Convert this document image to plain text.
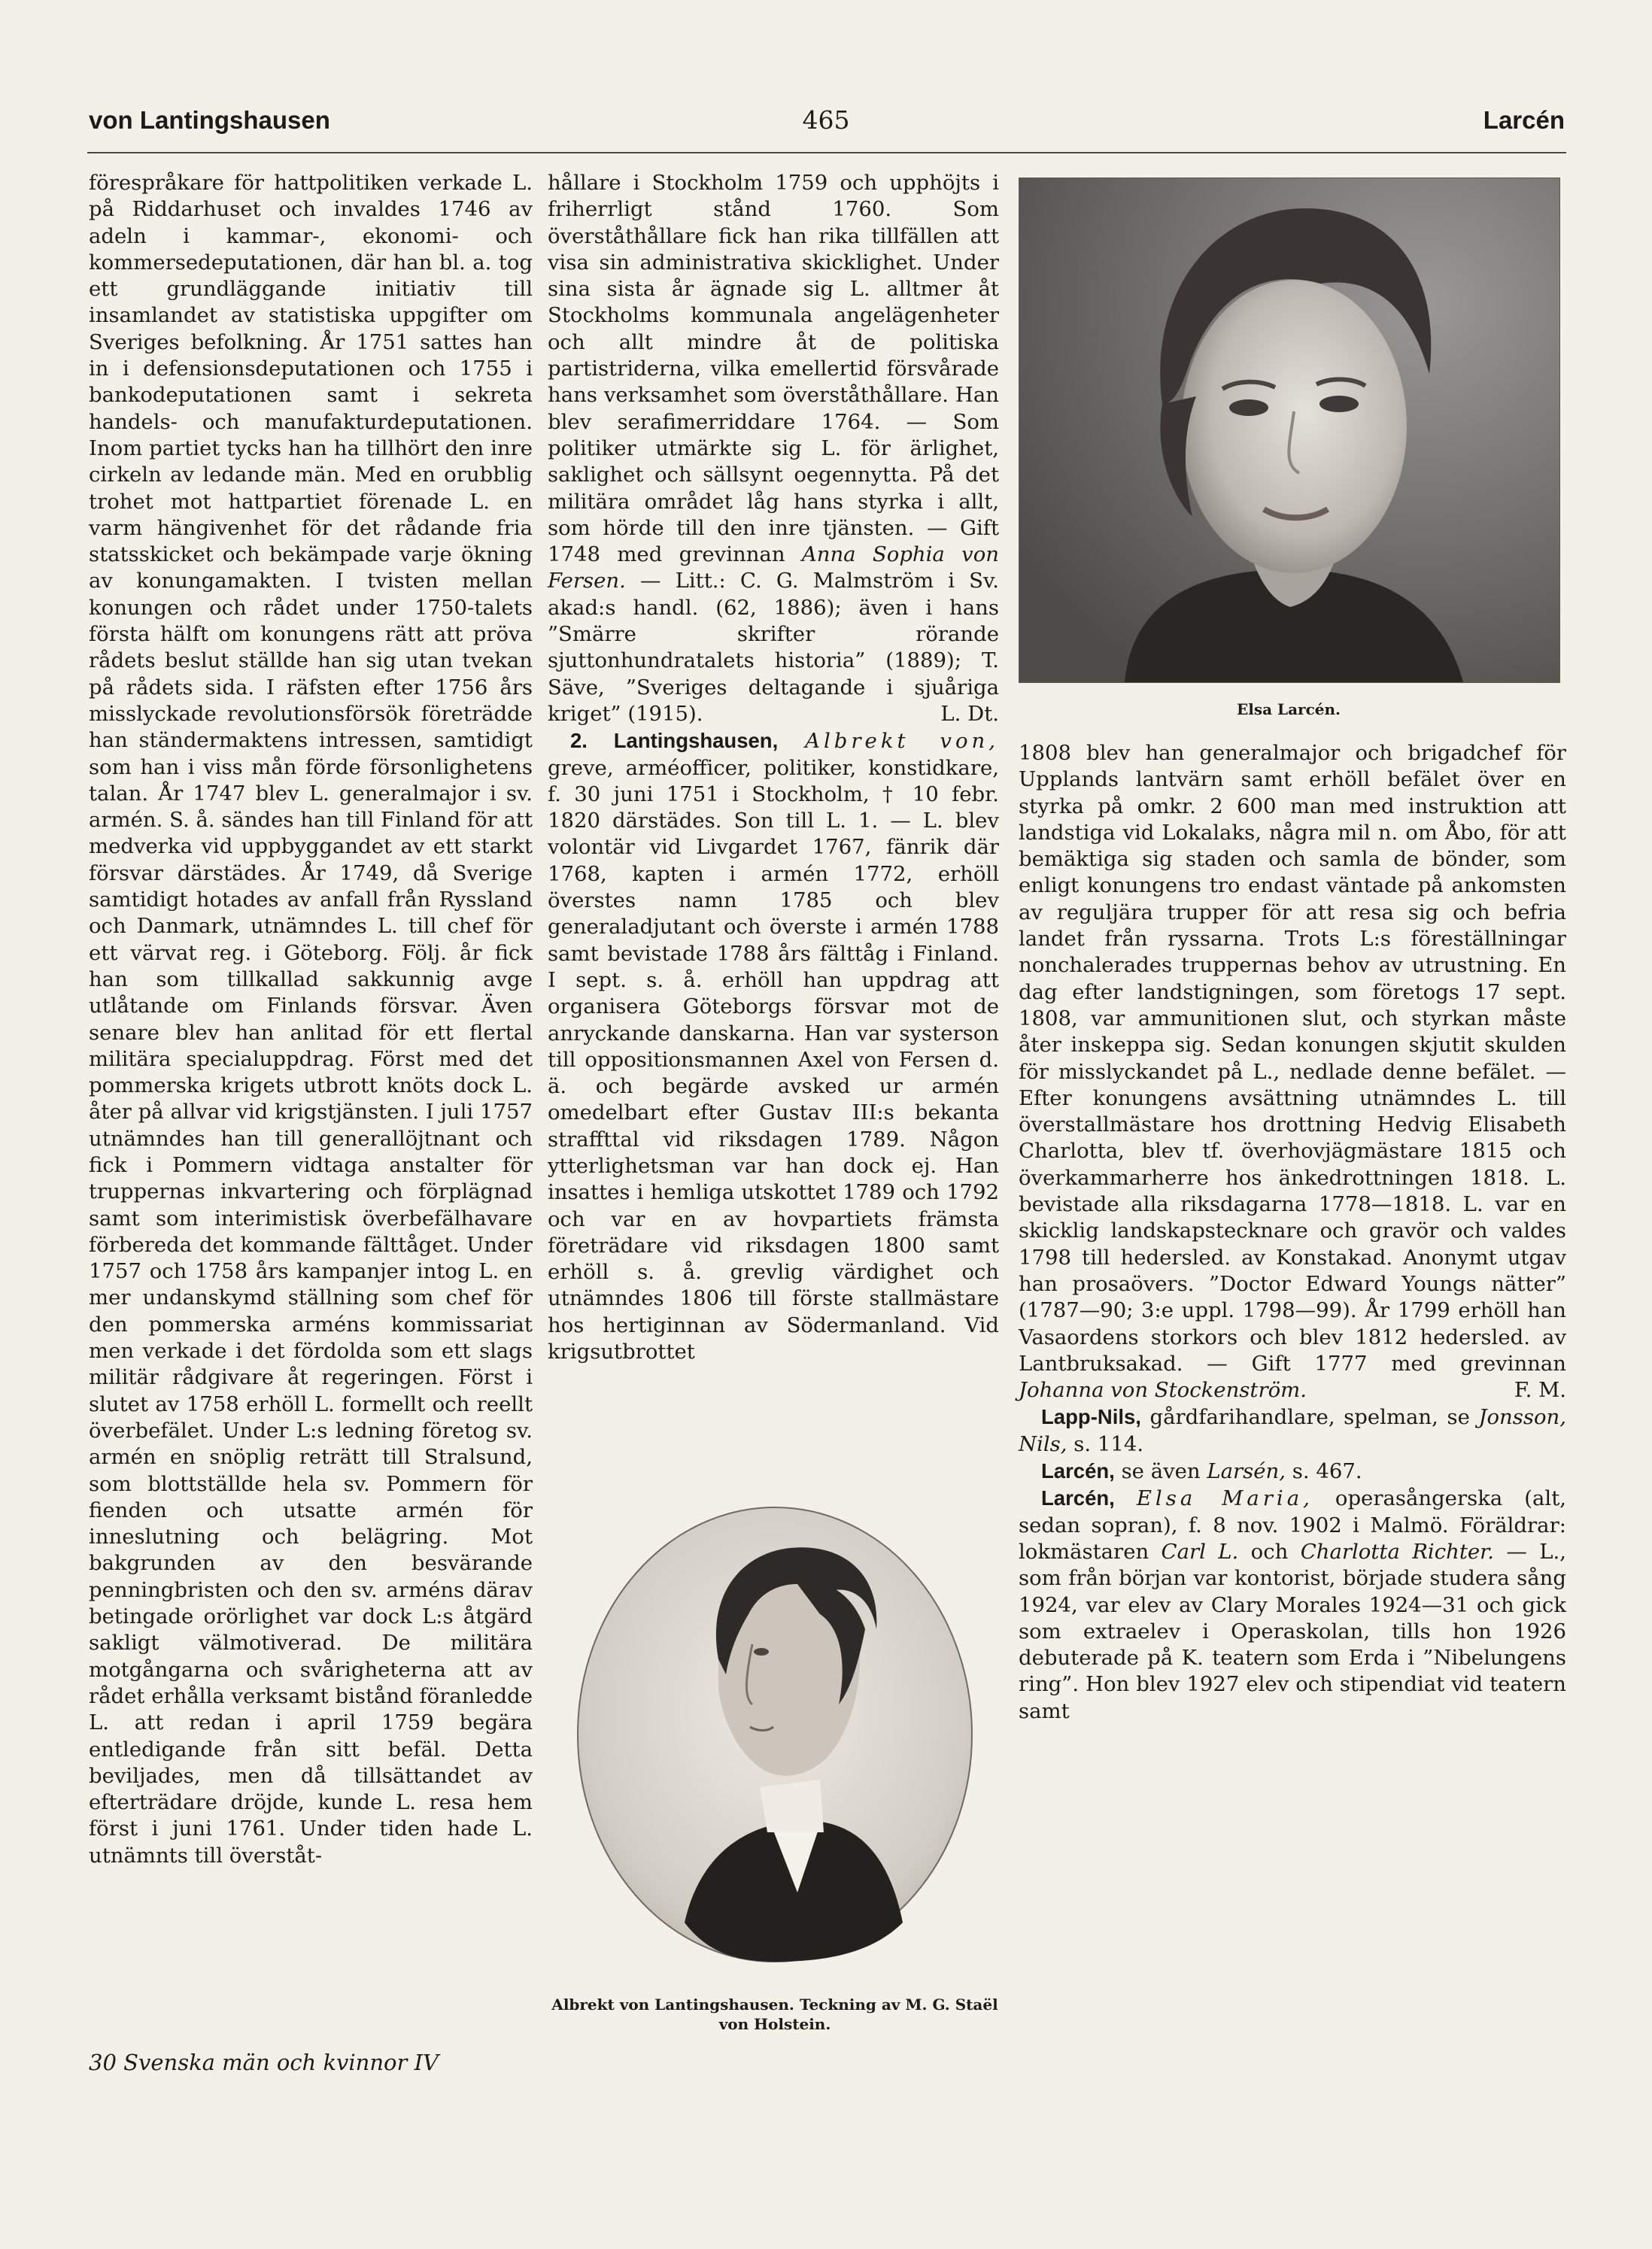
von Lantingshausen	465	Larcén

förespråkare för hattpolitiken verkade L. på Riddarhuset och invaldes 1746 av adeln i kammar-, ekonomi- och kommersedeputationen, där han bl. a. tog ett grundläggande initiativ till insamlandet av statistiska uppgifter om Sveriges befolkning. År 1751 sattes han in i defensionsdeputationen och 1755 i bankodeputationen samt i sekreta handels- och manufakturdeputationen. Inom partiet tycks han ha tillhört den inre cirkeln av ledande män. Med en orubblig trohet mot hattpartiet förenade L. en varm hängivenhet för det rådande fria statsskicket och bekämpade varje ökning av konungamakten. I tvisten mellan konungen och rådet under 1750-talets första hälft om konungens rätt att pröva rådets beslut ställde han sig utan tvekan på rådets sida. I räfsten efter 1756 års misslyckade revolutionsförsök företrädde han ständermaktens intressen, samtidigt som han i viss mån förde försonlighetens talan. År 1747 blev L. generalmajor i sv. armén. S. å. sändes han till Finland för att medverka vid uppbyggandet av ett starkt försvar därstädes. År 1749, då Sverige samtidigt hotades av anfall från Ryssland och Danmark, utnämndes L. till chef för ett värvat reg. i Göteborg. Följ. år fick han som tillkallad sakkunnig avge utlåtande om Finlands försvar. Även senare blev han anlitad för ett flertal militära specialuppdrag. Först med det pommerska krigets utbrott knöts dock L. åter på allvar vid krigstjänsten. I juli 1757 utnämndes han till generallöjtnant och fick i Pommern vidtaga anstalter för truppernas inkvartering och förplägnad samt som interimistisk överbefälhavare förbereda det kommande fälttåget. Under 1757 och 1758 års kampanjer intog L. en mer undanskymd ställning som chef för den pommerska arméns kommissariat men verkade i det fördolda som ett slags militär rådgivare åt regeringen. Först i slutet av 1758 erhöll L. formellt och reellt överbefälet. Under L:s ledning företog sv. armén en snöplig reträtt till Stralsund, som blottställde hela sv. Pommern för fienden och utsatte armén för inneslutning och belägring. Mot bakgrunden av den besvärande penningbristen och den sv. arméns därav betingade orörlighet var dock L:s åtgärd sakligt välmotiverad. De militära motgångarna och svårigheterna att av rådet erhålla verksamt bistånd föranledde L. att redan i april 1759 begära entledigande från sitt befäl. Detta beviljades, men då tillsättandet av efterträdare dröjde, kunde L. resa hem först i juni 1761. Under tiden hade L. utnämnts till överståt-

hållare i Stockholm 1759 och upphöjts i friherrligt stånd 1760. Som överståthållare fick han rika tillfällen att visa sin administrativa skicklighet. Under sina sista år ägnade sig L. alltmer åt Stockholms kommunala angelägenheter och allt mindre åt de politiska partistriderna, vilka emellertid försvårade hans verksamhet som överståthållare. Han blev serafimerriddare 1764. — Som politiker utmärkte sig L. för ärlighet, saklighet och sällsynt oegennytta. På det militära området låg hans styrka i allt, som hörde till den inre tjänsten. — Gift 1748 med grevinnan Anna Sophia von Fersen. — Litt.: C. G. Malmström i Sv. akad:s handl. (62, 1886); även i hans ”Smärre skrifter rörande sjuttonhundratalets historia” (1889); T. Säve, ”Sveriges deltagande i sjuåriga kriget” (1915).	L. Dt.

2. Lantingshausen, Albrekt von, greve, arméofficer, politiker, konstidkare, f. 30 juni 1751 i Stockholm, † 10 febr. 1820 därstädes. Son till L. 1. — L. blev volontär vid Livgardet 1767, fänrik där 1768, kapten i armén 1772, erhöll överstes namn 1785 och blev generaladjutant och överste i armén 1788 samt bevistade 1788 års fälttåg i Finland. I sept. s. å. erhöll han uppdrag att organisera Göteborgs försvar mot de anryckande danskarna. Han var systerson till oppositionsmannen Axel von Fersen d. ä. och begärde avsked ur armén omedelbart efter Gustav III:s bekanta straffttal vid riksdagen 1789. Någon ytterlighetsman var han dock ej. Han insattes i hemliga utskottet 1789 och 1792 och var en av hovpartiets främsta företrädare vid riksdagen 1800 samt erhöll s. å. grevlig värdighet och utnämndes 1806 till förste stallmästare hos hertiginnan av Södermanland. Vid krigsutbrottet

Elsa Larcén.

1808 blev han generalmajor och brigadchef för Upplands lantvärn samt erhöll befälet över en styrka på omkr. 2 600 man med instruktion att landstiga vid Lokalaks, några mil n. om Åbo, för att bemäktiga sig staden och samla de bönder, som enligt konungens tro endast väntade på ankomsten av reguljära trupper för att resa sig och befria landet från ryssarna. Trots L:s föreställningar nonchalerades truppernas behov av utrustning. En dag efter landstigningen, som företogs 17 sept. 1808, var ammunitionen slut, och styrkan måste åter inskeppa sig. Sedan konungen skjutit skulden för misslyckandet på L., nedlade denne befälet. — Efter konungens avsättning utnämndes L. till överstallmästare hos drottning Hedvig Elisabeth Charlotta, blev tf. överhovjägmästare 1815 och överkammarherre hos änkedrottningen 1818. L. bevistade alla riksdagarna 1778—1818. L. var en skicklig landskapstecknare och gravör och valdes 1798 till hedersled. av Konstakad. Anonymt utgav han prosaövers. ”Doctor Edward Youngs nätter” (1787—90; 3:e uppl. 1798—99). År 1799 erhöll han Vasaordens storkors och blev 1812 hedersled. av Lantbruksakad. — Gift 1777 med grevinnan Johanna von Stockenström.	F. M.

Lapp-Nils, gårdfarihandlare, spelman, se Jonsson, Nils, s. 114.

Larcén, se även Larsén, s. 467.

Larcén, Elsa Maria, operasångerska (alt, sedan sopran), f. 8 nov. 1902 i Malmö. Föräldrar: lokmästaren Carl L. och Charlotta Richter. — L., som från början var kontorist, började studera sång 1924, var elev av Clary Morales 1924—31 och gick som extraelev i Operaskolan, tills hon 1926 debuterade på K. teatern som Erda i ”Nibelungens ring”. Hon blev 1927 elev och stipendiat vid teatern samt

Albrekt von Lantingshausen. Teckning av M. G. Staël von Holstein.
30 Svenska män och kvinnor IV
